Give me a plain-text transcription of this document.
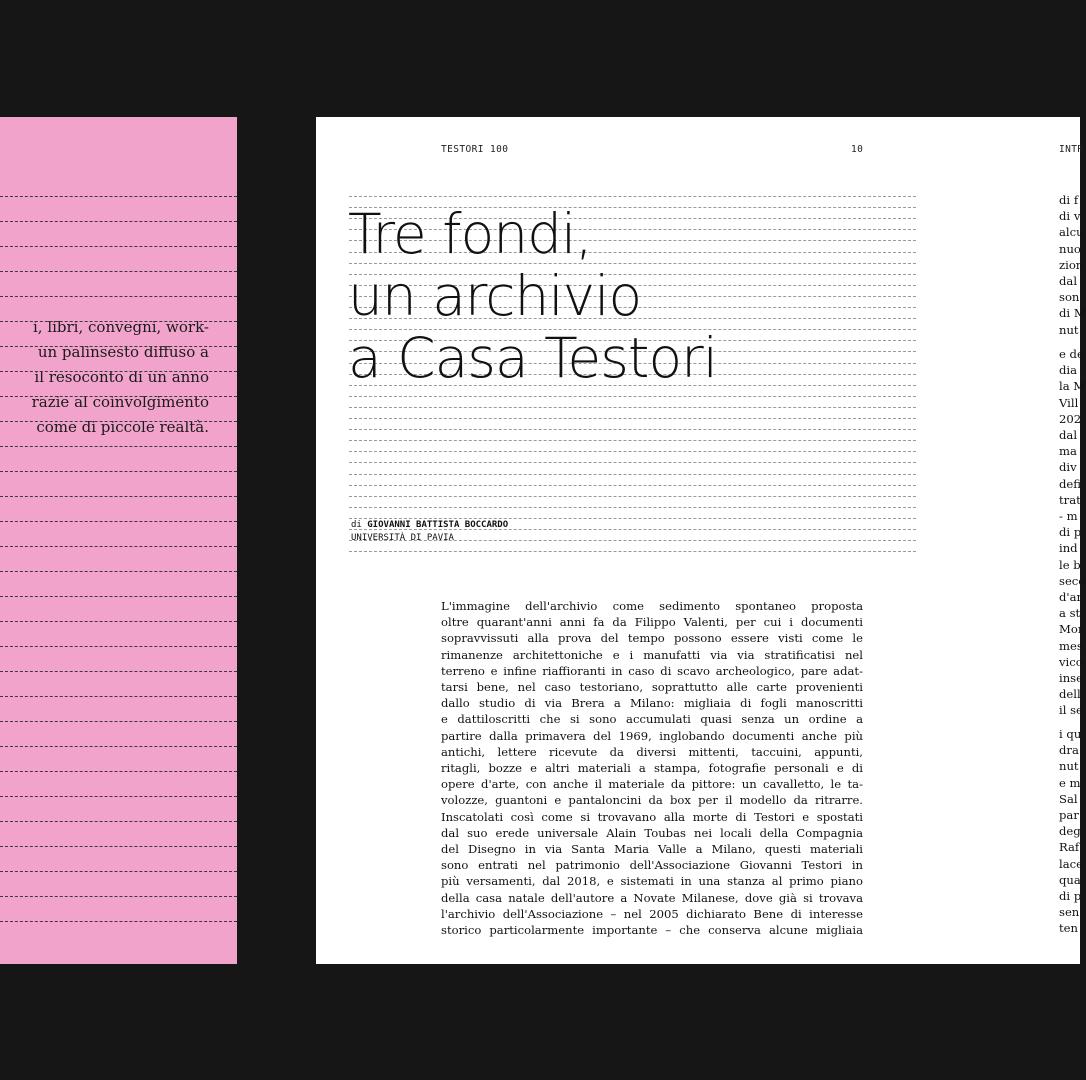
i, libri, convegni, work-
un palinsesto diffuso a
il resoconto di un anno
razie al coinvolgimento
come di piccole realtà.
TESTORI 100	10	INTR
Tre fondi,
un archivio
a Casa Testori
di GIOVANNI BATTISTA BOCCARDO
UNIVERSITÀ DI PAVIA
L'immagine dell'archivio come sedimento spontaneo proposta
oltre quarant'anni anni fa da Filippo Valenti, per cui i documenti
sopravvissuti alla prova del tempo possono essere visti come le
rimanenze architettoniche e i manufatti via via stratificatisi nel
terreno e infine riaffioranti in caso di scavo archeologico, pare adat-
tarsi bene, nel caso testoriano, soprattutto alle carte provenienti
dallo studio di via Brera a Milano: migliaia di fogli manoscritti
e dattiloscritti che si sono accumulati quasi senza un ordine a
partire dalla primavera del 1969, inglobando documenti anche più
antichi, lettere ricevute da diversi mittenti, taccuini, appunti,
ritagli, bozze e altri materiali a stampa, fotografie personali e di
opere d'arte, con anche il materiale da pittore: un cavalletto, le ta-
volozze, guantoni e pantaloncini da box per il modello da ritrarre.
Inscatolati così come si trovavano alla morte di Testori e spostati
dal suo erede universale Alain Toubas nei locali della Compagnia
del Disegno in via Santa Maria Valle a Milano, questi materiali
sono entrati nel patrimonio dell'Associazione Giovanni Testori in
più versamenti, dal 2018, e sistemati in una stanza al primo piano
della casa natale dell'autore a Novate Milanese, dove già si trovava
l'archivio dell'Associazione – nel 2005 dichiarato Bene di interesse
storico particolarmente importante – che conserva alcune migliaia
di f
di v
alcu
nuo
zion
dal
son
di M
nut
e de
dia
la M
Vill
202
dal
ma
div
defi
trat
- m
di p
ind
le b
seco
d'ar
a st
Mor
mes
vico
inse
dell
il se
i qu
dra
nut
e m
Sal
par
deg
Raf
lace
qua
di p
sen
ten
